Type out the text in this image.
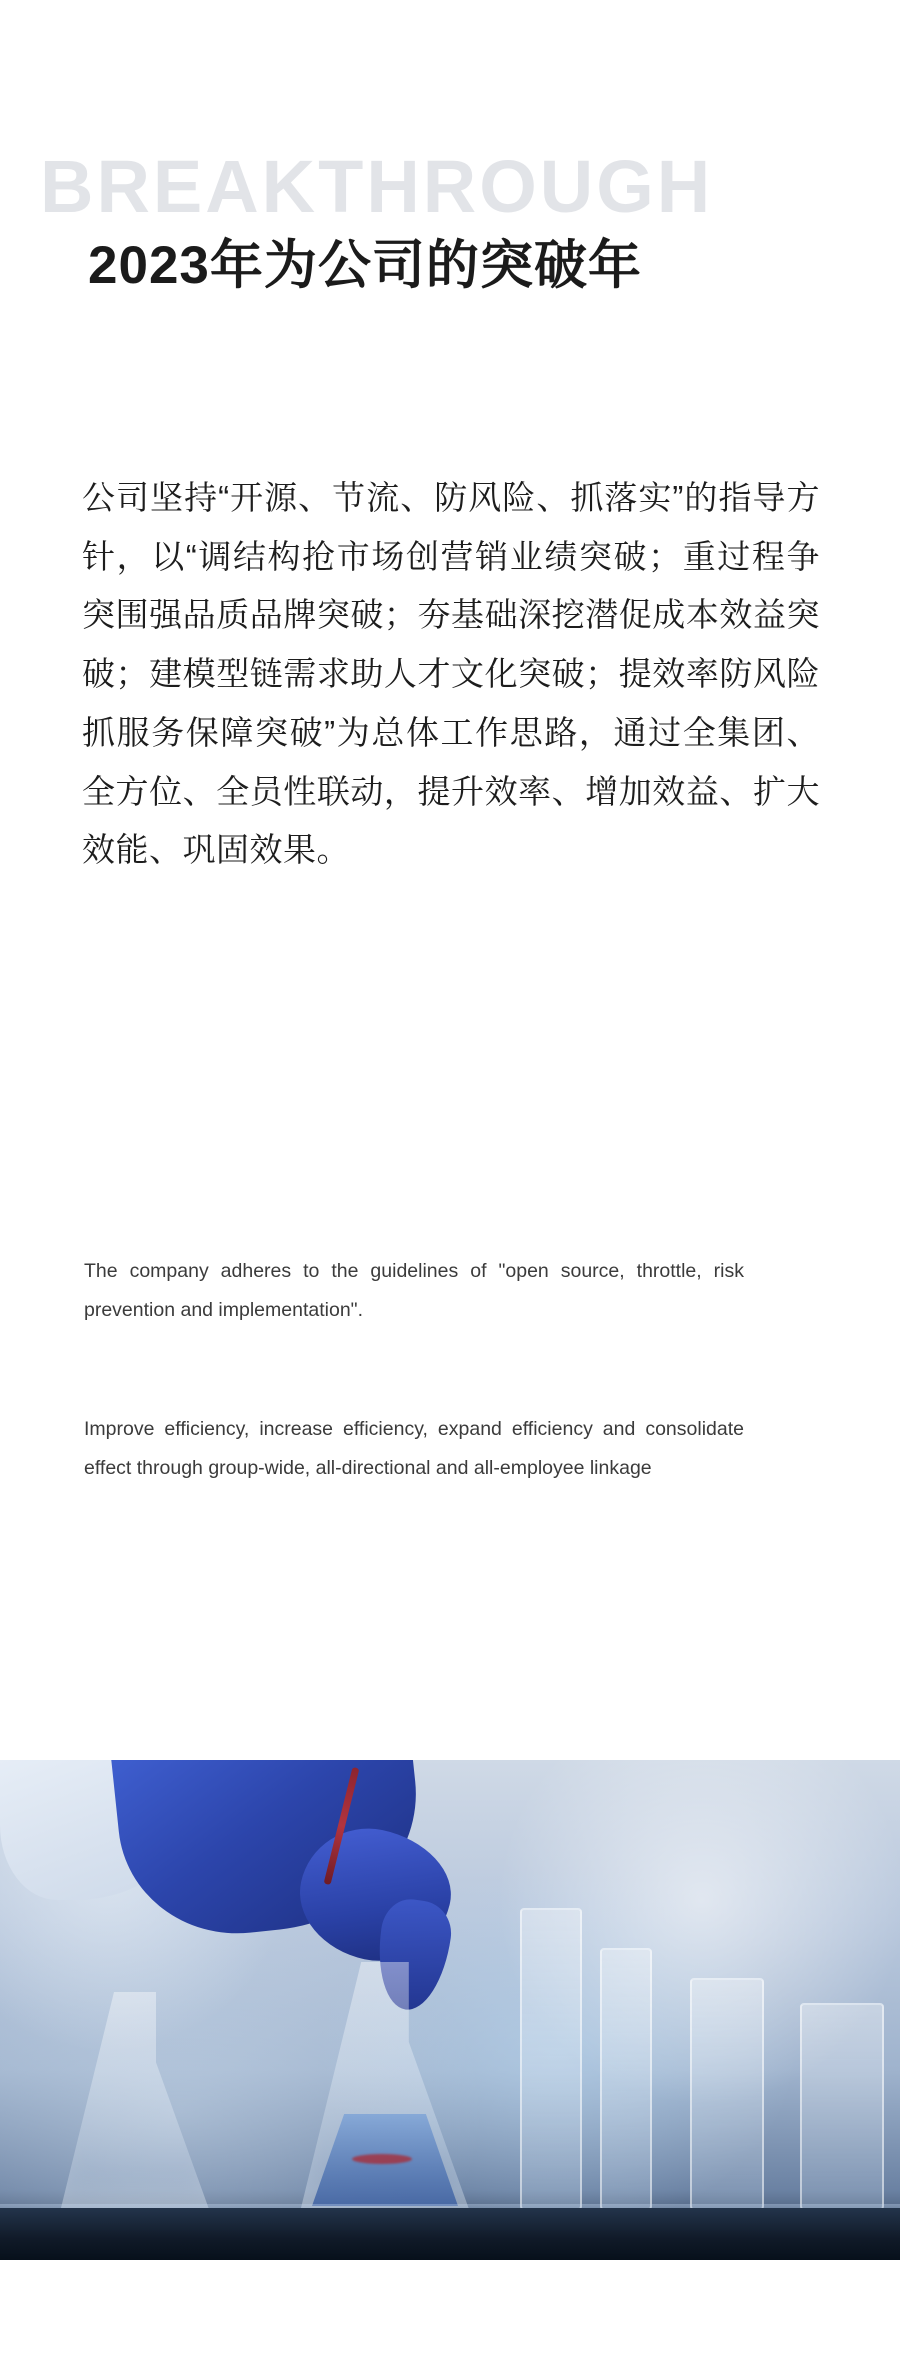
BREAKTHROUGH
2023年为公司的突破年

公司坚持“开源、节流、防风险、抓落实”的指导方针，以“调结构抢市场创营销业绩突破；重过程争突围强品质品牌突破；夯基础深挖潜促成本效益突破；建模型链需求助人才文化突破；提效率防风险抓服务保障突破”为总体工作思路，通过全集团、全方位、全员性联动，提升效率、增加效益、扩大效能、巩固效果。

The company adheres to the guidelines of "open source, throttle, risk prevention and implementation".

Improve efficiency, increase efficiency, expand efficiency and consolidate effect through group-wide, all-directional and all-employee linkage
